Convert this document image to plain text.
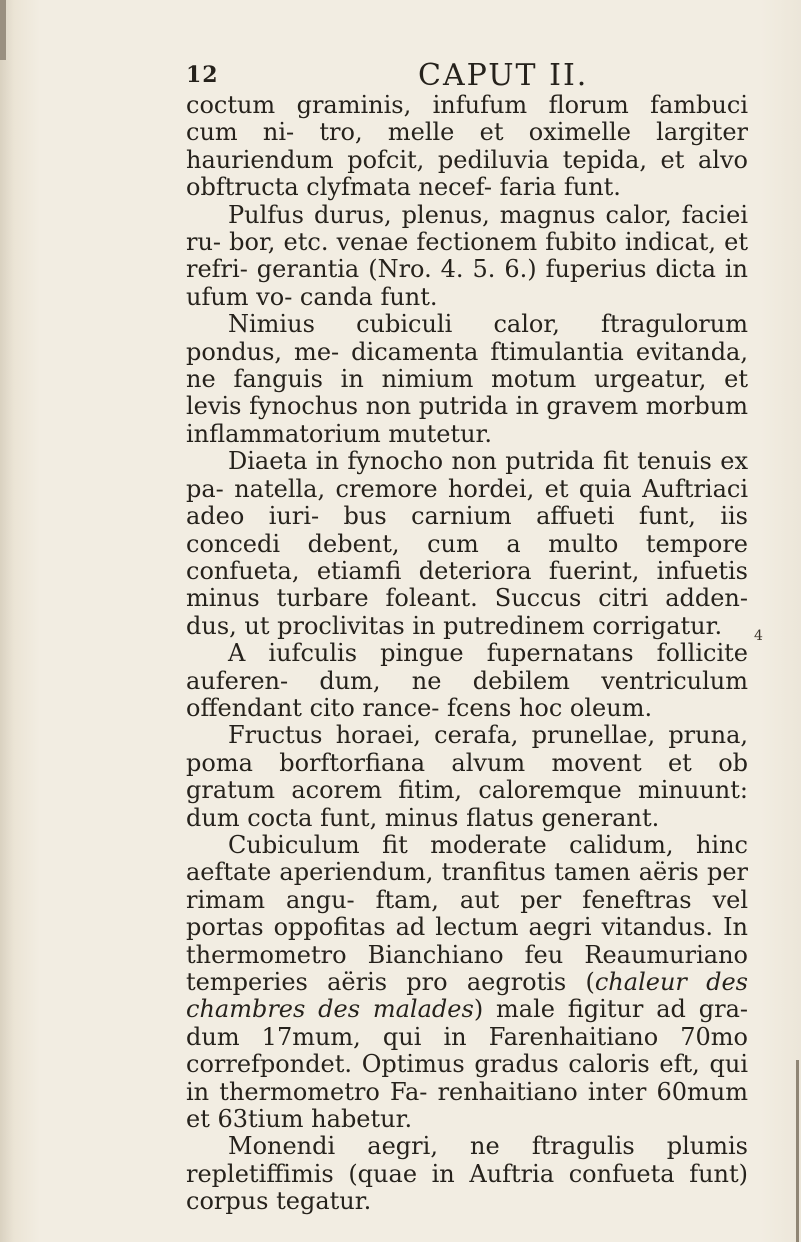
12	CAPUT II.

coctum graminis, infufum florum fambuci cum ni- tro, melle et oximelle largiter hauriendum pofcit, pediluvia tepida, et alvo obftructa clyfmata necef- faria funt.

Pulfus durus, plenus, magnus calor, faciei ru- bor, etc. venae fectionem fubito indicat, et refri- gerantia (Nro. 4. 5. 6.) fuperius dicta in ufum vo- canda funt.

Nimius cubiculi calor, ftragulorum pondus, me- dicamenta ftimulantia evitanda, ne fanguis in nimium motum urgeatur, et levis fynochus non putrida in gravem morbum inflammatorium mutetur.

Diaeta in fynocho non putrida fit tenuis ex pa- natella, cremore hordei, et quia Auftriaci adeo iuri- bus carnium affueti funt, iis concedi debent, cum a multo tempore confueta, etiamfi deteriora fuerint, infuetis minus turbare foleant. Succus citri adden- dus, ut proclivitas in putredinem corrigatur.

A iufculis pingue fupernatans follicite auferen- dum, ne debilem ventriculum offendant cito rance- fcens hoc oleum.

Fructus horaei, cerafa, prunellae, pruna, poma borftorfiana alvum movent et ob gratum acorem fitim, caloremque minuunt: dum cocta funt, minus flatus generant.

Cubiculum fit moderate calidum, hinc aeftate aperiendum, tranfitus tamen aëris per rimam angu- ftam, aut per feneftras vel portas oppofitas ad lectum aegri vitandus. In thermometro Bianchiano feu Reaumuriano temperies aëris pro aegrotis (chaleur des chambres des malades) male figitur ad gra- dum 17mum, qui in Farenhaitiano 70mo correfpondet. Optimus gradus caloris eft, qui in thermometro Fa- renhaitiano inter 60mum et 63tium habetur.

Monendi aegri, ne ftragulis plumis repletiffimis (quae in Auftria confueta funt) corpus tegatur.

4
